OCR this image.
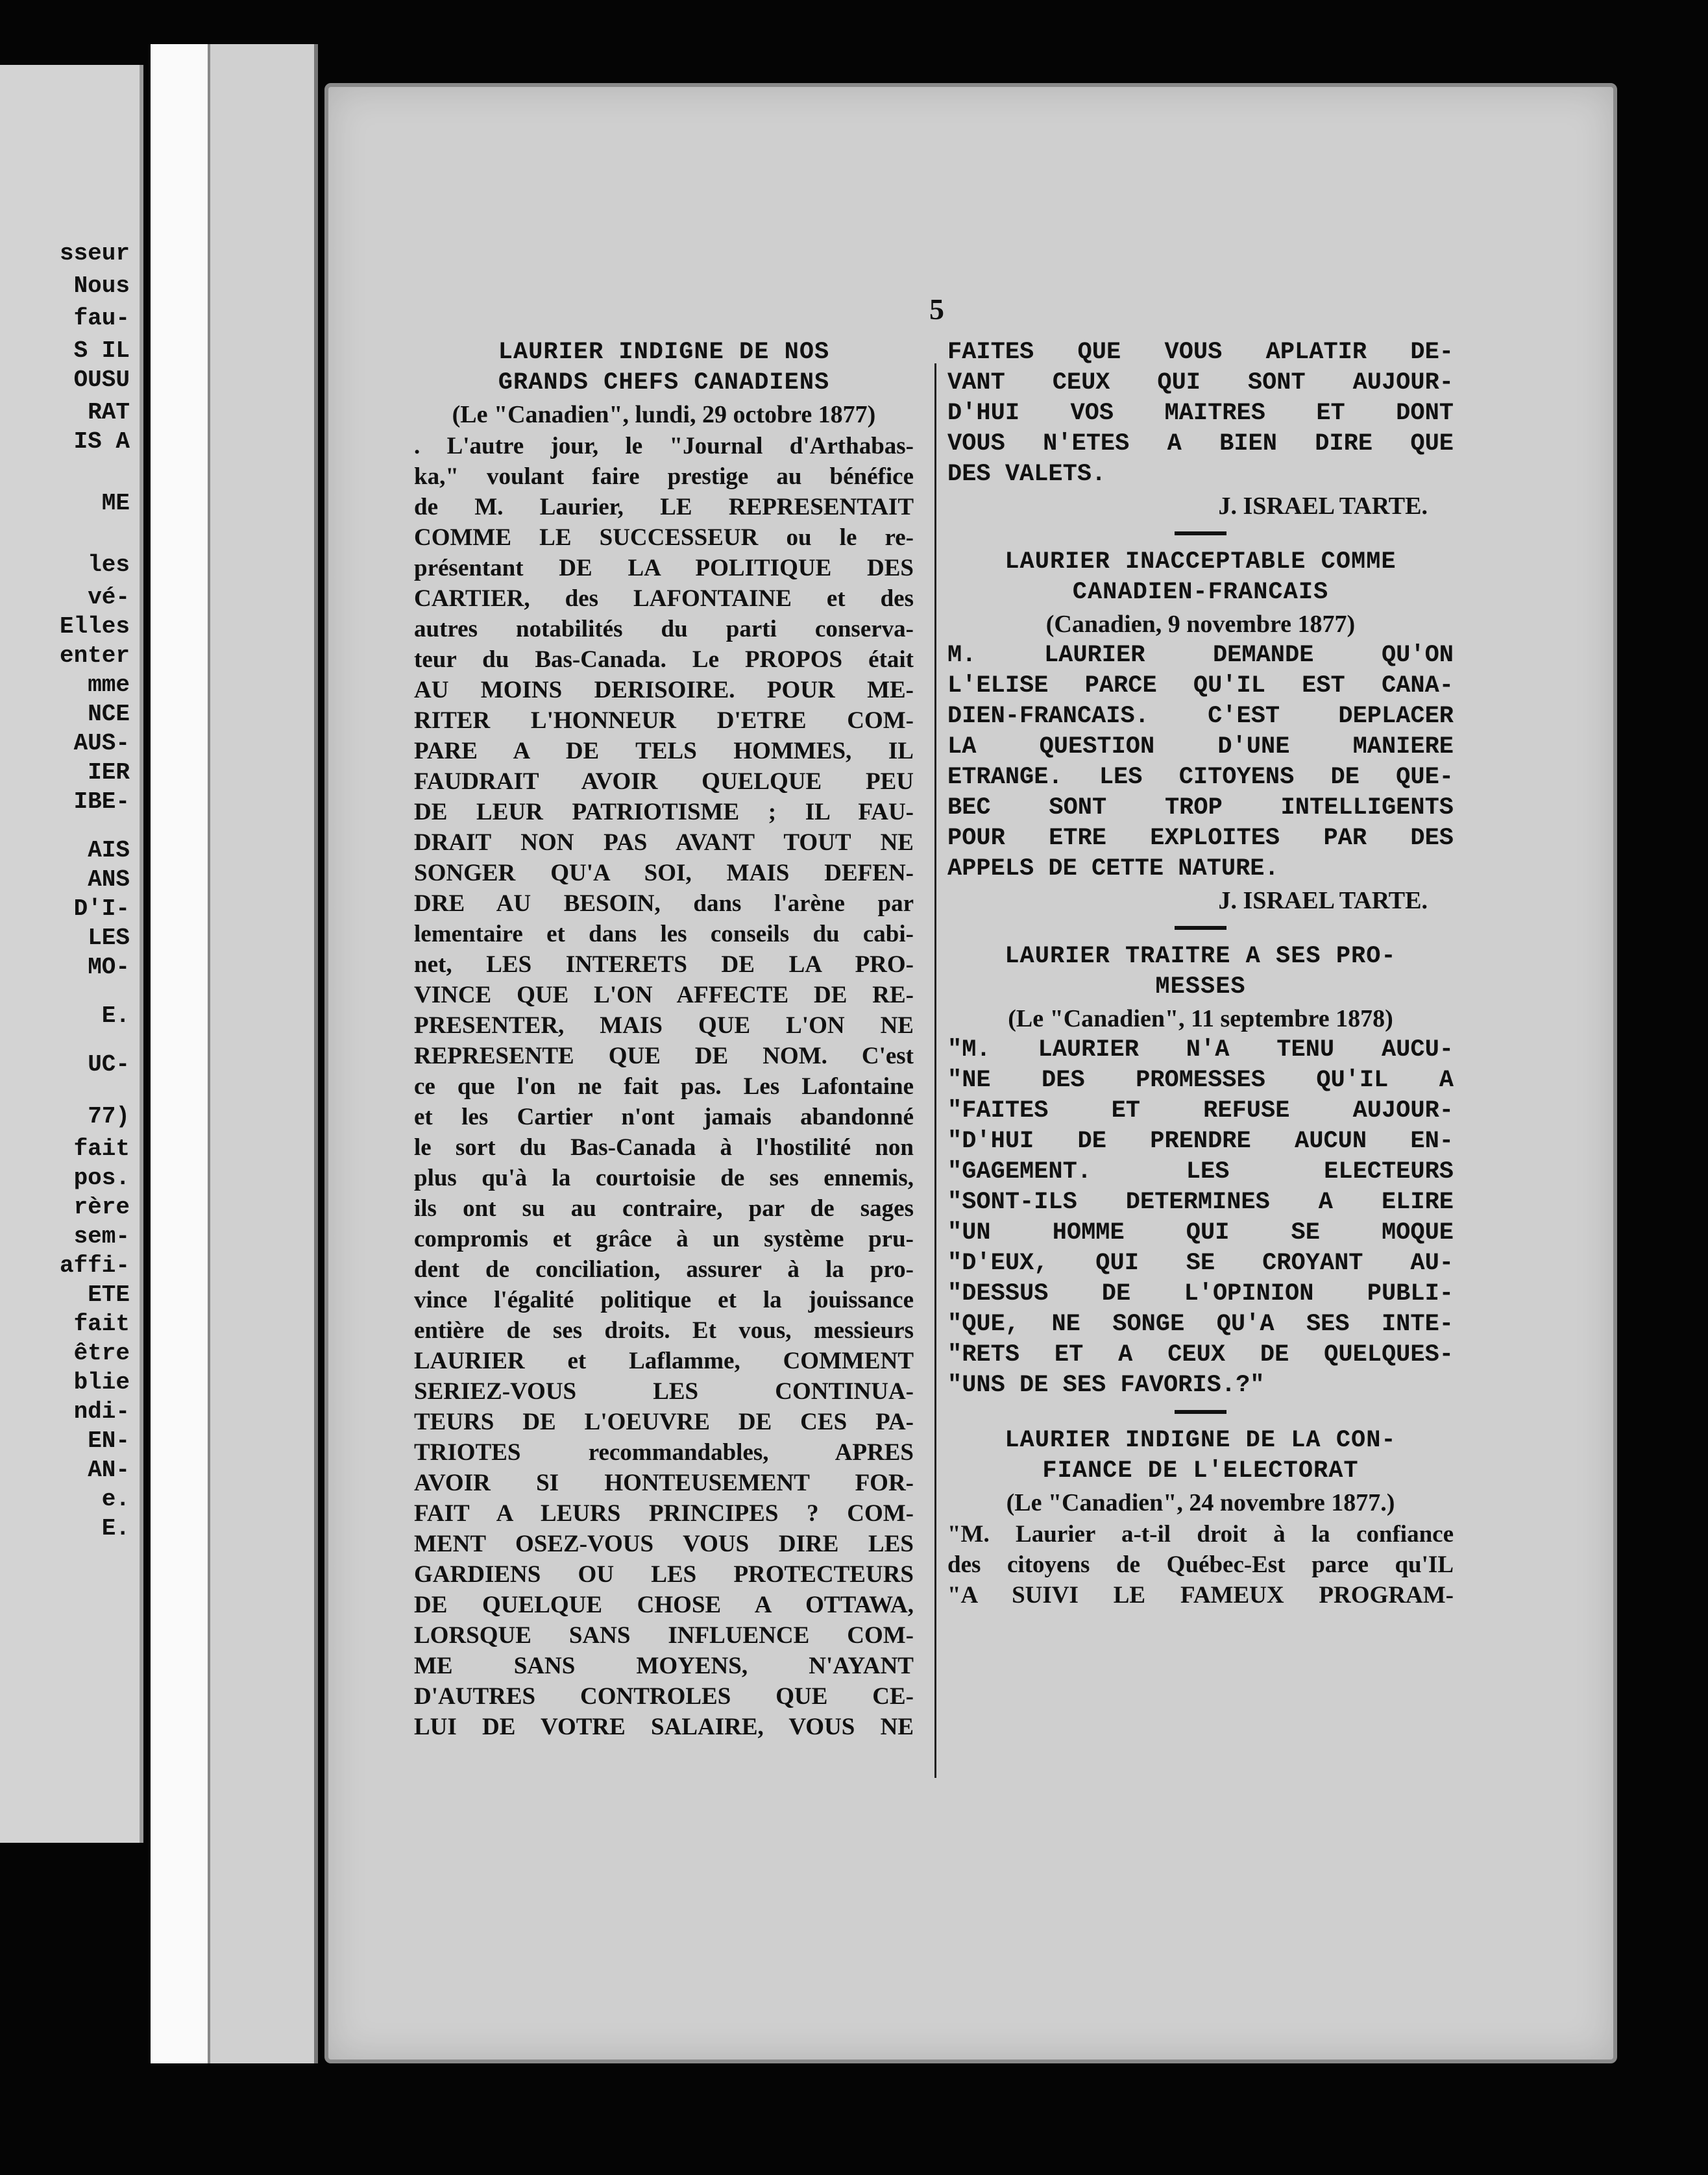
sseur
Nous
fau-
S IL
OUSU
RAT
IS A
ME
les
vé-
Elles
enter
mme
NCE
AUS-
IER
IBE-
AIS
ANS
D'I-
LES
MO-
E.
UC-
77)
fait
pos.
rère
sem-
affi-
ETE
fait
être
blie
ndi-
EN-
AN-
e.
E.
5
LAURIER INDIGNE DE NOS
GRANDS CHEFS CANADIENS
(Le "Canadien", lundi, 29 octobre 1877)
. L'autre jour, le "Journal d'Arthabas-
ka," voulant faire prestige au bénéfice
de M. Laurier, LE REPRESENTAIT
COMME LE SUCCESSEUR ou le re-
présentant DE LA POLITIQUE DES
CARTIER, des LAFONTAINE et des
autres notabilités du parti conserva-
teur du Bas-Canada. Le PROPOS était
AU MOINS DERISOIRE. POUR ME-
RITER L'HONNEUR D'ETRE COM-
PARE A DE TELS HOMMES, IL
FAUDRAIT AVOIR QUELQUE PEU
DE LEUR PATRIOTISME ; IL FAU-
DRAIT NON PAS AVANT TOUT NE
SONGER QU'A SOI, MAIS DEFEN-
DRE AU BESOIN, dans l'arène par
lementaire et dans les conseils du cabi-
net, LES INTERETS DE LA PRO-
VINCE QUE L'ON AFFECTE DE RE-
PRESENTER, MAIS QUE L'ON NE
REPRESENTE QUE DE NOM. C'est
ce que l'on ne fait pas. Les Lafontaine
et les Cartier n'ont jamais abandonné
le sort du Bas-Canada à l'hostilité non
plus qu'à la courtoisie de ses ennemis,
ils ont su au contraire, par de sages
compromis et grâce à un système pru-
dent de conciliation, assurer à la pro-
vince l'égalité politique et la jouissance
entière de ses droits. Et vous, messieurs
LAURIER et Laflamme, COMMENT
SERIEZ-VOUS LES CONTINUA-
TEURS DE L'OEUVRE DE CES PA-
TRIOTES recommandables, APRES
AVOIR SI HONTEUSEMENT FOR-
FAIT A LEURS PRINCIPES ? COM-
MENT OSEZ-VOUS VOUS DIRE LES
GARDIENS OU LES PROTECTEURS
DE QUELQUE CHOSE A OTTAWA,
LORSQUE SANS INFLUENCE COM-
ME SANS MOYENS, N'AYANT
D'AUTRES CONTROLES QUE CE-
LUI DE VOTRE SALAIRE, VOUS NE
FAITES QUE VOUS APLATIR DE-
VANT CEUX QUI SONT AUJOUR-
D'HUI VOS MAITRES ET DONT
VOUS N'ETES A BIEN DIRE QUE
DES VALETS.
J. ISRAEL TARTE.
LAURIER INACCEPTABLE COMME
CANADIEN-FRANCAIS
(Canadien, 9 novembre 1877)
M. LAURIER DEMANDE QU'ON
L'ELISE PARCE QU'IL EST CANA-
DIEN-FRANCAIS. C'EST DEPLACER
LA QUESTION D'UNE MANIERE
ETRANGE. LES CITOYENS DE QUE-
BEC SONT TROP INTELLIGENTS
POUR ETRE EXPLOITES PAR DES
APPELS DE CETTE NATURE.
J. ISRAEL TARTE.
LAURIER TRAITRE A SES PRO-
MESSES
(Le "Canadien", 11 septembre 1878)
"M. LAURIER N'A TENU AUCU-
"NE DES PROMESSES QU'IL A
"FAITES ET REFUSE AUJOUR-
"D'HUI DE PRENDRE AUCUN EN-
"GAGEMENT. LES ELECTEURS
"SONT-ILS DETERMINES A ELIRE
"UN HOMME QUI SE MOQUE
"D'EUX, QUI SE CROYANT AU-
"DESSUS DE L'OPINION PUBLI-
"QUE, NE SONGE QU'A SES INTE-
"RETS ET A CEUX DE QUELQUES-
"UNS DE SES FAVORIS.?"
LAURIER INDIGNE DE LA CON-
FIANCE DE L'ELECTORAT
(Le "Canadien", 24 novembre 1877.)
"M. Laurier a-t-il droit à la confiance
des citoyens de Québec-Est parce qu'IL
"A SUIVI LE FAMEUX PROGRAM-
